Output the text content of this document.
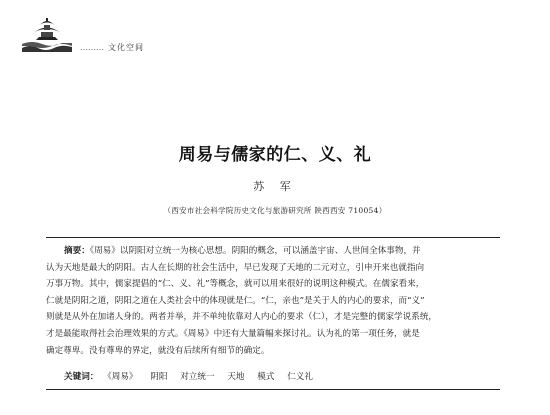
……… 文化空间
周易与儒家的仁、义、礼
苏 军
（西安市社会科学院历史文化与旅游研究所 陕西西安 710054）
摘要：《周易》以阴阳对立统一为核心思想。阴阳的概念，可以涵盖宇宙、人世间全体事物，并
认为天地是最大的阴阳。古人在长期的社会生活中，早已发现了天地的二元对立，引申开来也就指向
万事万物。其中，儒家提倡的“仁、义、礼”等概念，就可以用来很好的说明这种模式。在儒家看来，
仁就是阴阳之道，阴阳之道在人类社会中的体现就是仁。“仁，亲也”是关于人的内心的要求，而“义”
则就是从外在加诸人身的。两者并举，并不单纯依靠对人内心的要求（仁），才是完整的儒家学说系统，
才是最能取得社会治理效果的方式。《周易》中还有大量篇幅来探讨礼。认为礼的第一项任务，就是
确定尊卑。没有尊卑的界定，就没有后续所有细节的确定。
关键词： 《周易》 阴阳 对立统一 天地 模式 仁义礼
